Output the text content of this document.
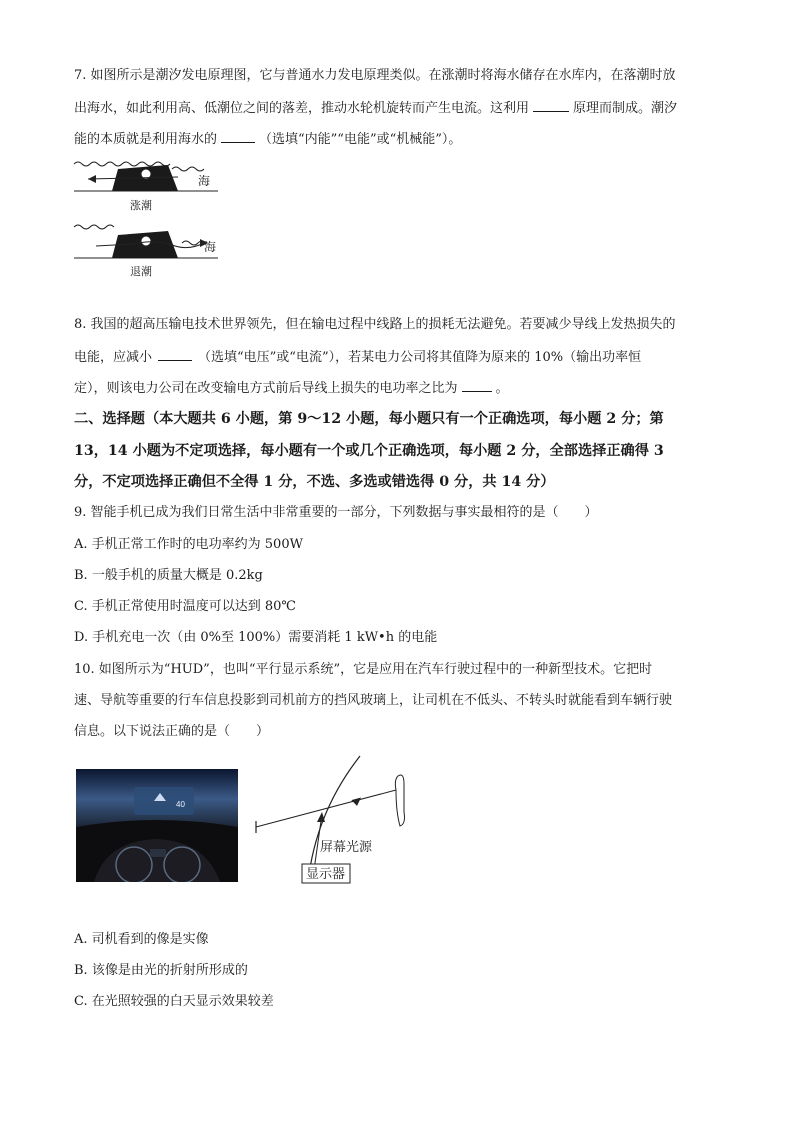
7. 如图所示是潮汐发电原理图，它与普通水力发电原理类似。在涨潮时将海水储存在水库内，在落潮时放
出海水，如此利用高、低潮位之间的落差，推动水轮机旋转而产生电流。这利用	原理而制成。潮汐
能的本质就是利用海水的	（选填“内能”“电能”或“机械能”）。
海
涨潮
海
退潮
8. 我国的超高压输电技术世界领先，但在输电过程中线路上的损耗无法避免。若要减少导线上发热损失的
电能，应减小	（选填“电压”或“电流”），若某电力公司将其值降为原来的 10%（输出功率恒
定），则该电力公司在改变输电方式前后导线上损失的电功率之比为	。
二、选择题（本大题共 6 小题，第 9～12 小题，每小题只有一个正确选项，每小题 2 分；第
13，14 小题为不定项选择，每小题有一个或几个正确选项，每小题 2 分，全部选择正确得 3
分，不定项选择正确但不全得 1 分，不选、多选或错选得 0 分，共 14 分）
9. 智能手机已成为我们日常生活中非常重要的一部分，下列数据与事实最相符的是（　　）
A. 手机正常工作时的电功率约为 500W
B. 一般手机的质量大概是 0.2kg
C. 手机正常使用时温度可以达到 80℃
D. 手机充电一次（由 0%至 100%）需要消耗 1 kW•h 的电能
10. 如图所示为“HUD”，也叫“平行显示系统”，它是应用在汽车行驶过程中的一种新型技术。它把时
速、导航等重要的行车信息投影到司机前方的挡风玻璃上，让司机在不低头、不转头时就能看到车辆行驶
信息。以下说法正确的是（　　）
40
屏幕光源
显示器
A. 司机看到的像是实像
B. 该像是由光的折射所形成的
C. 在光照较强的白天显示效果较差
